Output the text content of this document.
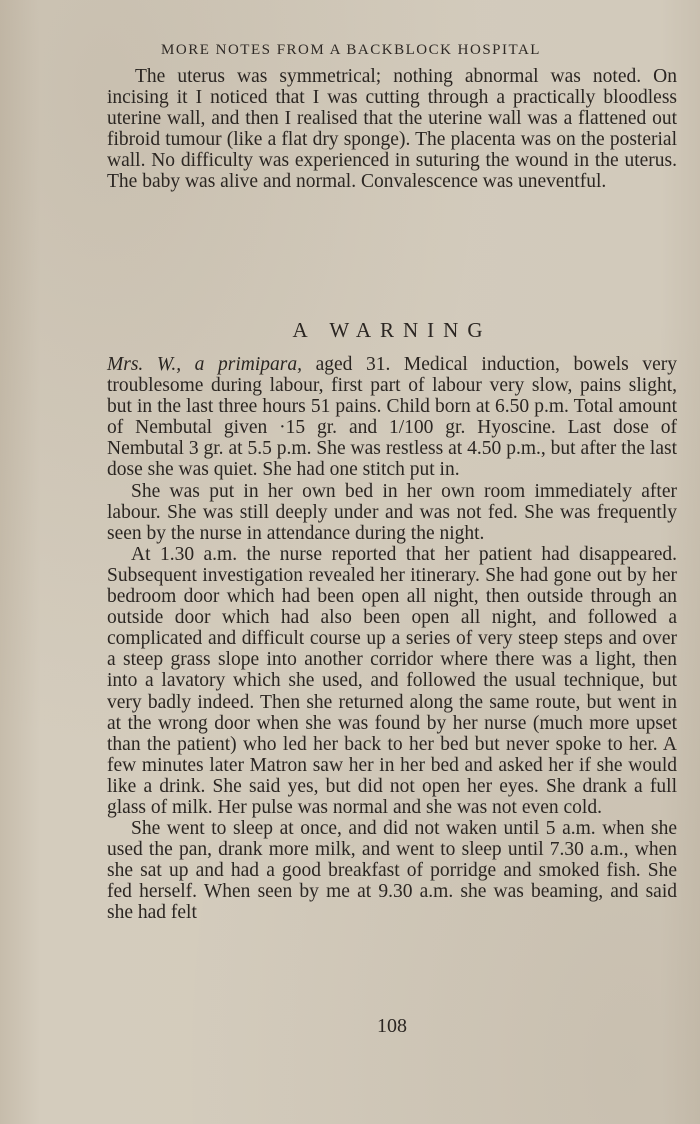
MORE NOTES FROM A BACKBLOCK HOSPITAL

The uterus was symmetrical; nothing abnormal was noted. On incising it I noticed that I was cutting through a practically bloodless uterine wall, and then I realised that the uterine wall was a flattened out fibroid tumour (like a flat dry sponge). The placenta was on the posterial wall. No difficulty was experienced in suturing the wound in the uterus. The baby was alive and normal. Convalescence was uneventful.

A WARNING

Mrs. W., a primipara, aged 31. Medical induction, bowels very troublesome during labour, first part of labour very slow, pains slight, but in the last three hours 51 pains. Child born at 6.50 p.m. Total amount of Nembutal given ·15 gr. and 1/100 gr. Hyoscine. Last dose of Nembutal 3 gr. at 5.5 p.m. She was restless at 4.50 p.m., but after the last dose she was quiet. She had one stitch put in.

She was put in her own bed in her own room immediately after labour. She was still deeply under and was not fed. She was frequently seen by the nurse in attendance during the night.

At 1.30 a.m. the nurse reported that her patient had disappeared. Subsequent investigation revealed her itinerary. She had gone out by her bedroom door which had been open all night, then outside through an outside door which had also been open all night, and followed a complicated and difficult course up a series of very steep steps and over a steep grass slope into another corridor where there was a light, then into a lavatory which she used, and followed the usual technique, but very badly indeed. Then she returned along the same route, but went in at the wrong door when she was found by her nurse (much more upset than the patient) who led her back to her bed but never spoke to her. A few minutes later Matron saw her in her bed and asked her if she would like a drink. She said yes, but did not open her eyes. She drank a full glass of milk. Her pulse was normal and she was not even cold.

She went to sleep at once, and did not waken until 5 a.m. when she used the pan, drank more milk, and went to sleep until 7.30 a.m., when she sat up and had a good breakfast of porridge and smoked fish. She fed herself. When seen by me at 9.30 a.m. she was beaming, and said she had felt

108
